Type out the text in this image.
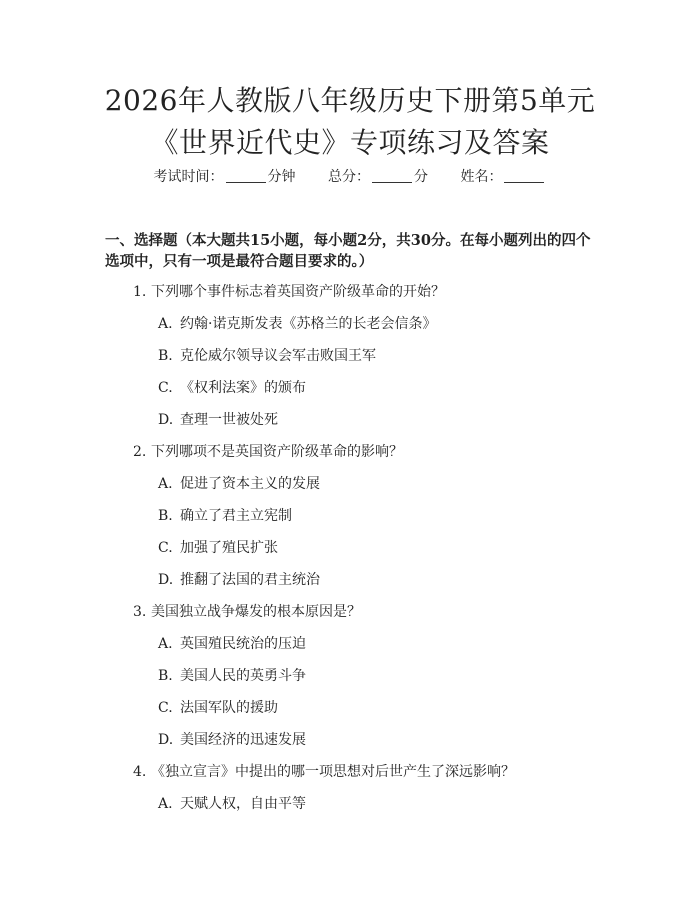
2026年人教版八年级历史下册第5单元《世界近代史》专项练习及答案
考试时间：	分钟 总分：	分 姓名：
一、选择题（本大题共15小题，每小题2分，共30分。在每小题列出的四个选项中，只有一项是最符合题目要求的。）
1. 下列哪个事件标志着英国资产阶级革命的开始？
A. 约翰·诺克斯发表《苏格兰的长老会信条》
B. 克伦威尔领导议会军击败国王军
C. 《权利法案》的颁布
D. 查理一世被处死
2. 下列哪项不是英国资产阶级革命的影响？
A. 促进了资本主义的发展
B. 确立了君主立宪制
C. 加强了殖民扩张
D. 推翻了法国的君主统治
3. 美国独立战争爆发的根本原因是？
A. 英国殖民统治的压迫
B. 美国人民的英勇斗争
C. 法国军队的援助
D. 美国经济的迅速发展
4. 《独立宣言》中提出的哪一项思想对后世产生了深远影响？
A. 天赋人权，自由平等
